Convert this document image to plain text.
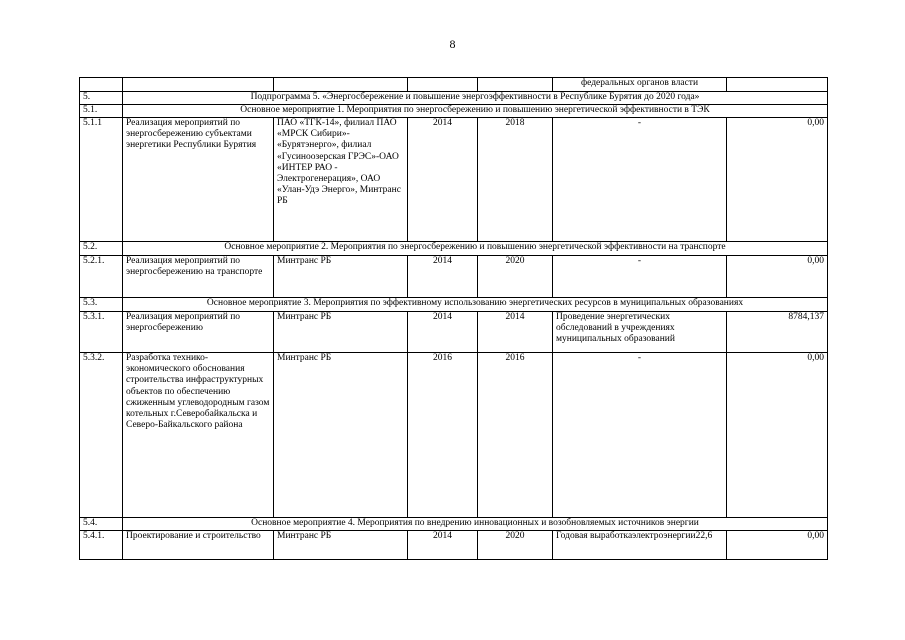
8
					федеральных органов власти	
5.	Подпрограмма 5. «Энергосбережение и повышение энергоэффективности в Республике Бурятия до 2020 года»					
5.1.	Основное мероприятие 1. Мероприятия по энергосбережению и повышению энергетической эффективности в ТЭК					
5.1.1	Реализация мероприятий по энергосбережению субъектами энергетики Республики Бурятия	ПАО «ТГК-14», филиал ПАО «МРСК Сибири»- «Бурятэнерго», филиал «Гусиноозерская ГРЭС»-ОАО «ИНТЕР РАО - Электрогенерация», ОАО «Улан-Удэ Энерго», Минтранс РБ	2014	2018	-	0,00
5.2.	Основное мероприятие 2. Мероприятия по энергосбережению и повышению энергетической эффективности на транспорте					
5.2.1.	Реализация мероприятий по энергосбережению на транспорте	Минтранс РБ	2014	2020	-	0,00
5.3.	Основное мероприятие 3. Мероприятия по эффективному использованию энергетических ресурсов в муниципальных образованиях					
5.3.1.	Реализация мероприятий по энергосбережению	Минтранс РБ	2014	2014	Проведение энергетических обследований в учреждениях муниципальных образований	8784,137
5.3.2.	Разработка технико-экономического обоснования строительства инфраструктурных объектов по обеспечению сжиженным углеводородным газом котельных г.Северобайкальска и Северо-Байкальского района	Минтранс РБ	2016	2016	-	0,00
5.4.	Основное мероприятие 4. Мероприятия по внедрению инновационных и возобновляемых источников энергии					
5.4.1.	Проектирование и строительство	Минтранс РБ	2014	2020	Годовая выработкаэлектроэнергии22,6	0,00
